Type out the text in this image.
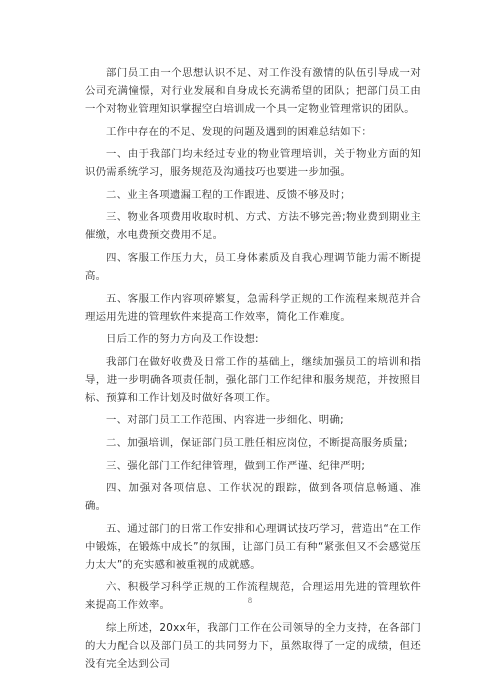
部门员工由一个思想认识不足、对工作没有激情的队伍引导成一对公司充满憧憬，对行业发展和自身成长充满希望的团队；把部门员工由一个对物业管理知识掌握空白培训成一个具一定物业管理常识的团队。

工作中存在的不足、发现的问题及遇到的困难总结如下：

一、由于我部门均未经过专业的物业管理培训，关于物业方面的知识仍需系统学习，服务规范及沟通技巧也要进一步加强。

二、业主各项遗漏工程的工作跟进、反馈不够及时；

三、物业各项费用收取时机、方式、方法不够完善;物业费到期业主催缴，水电费预交费用不足。

四、客服工作压力大，员工身体素质及自我心理调节能力需不断提高。

五、客服工作内容项碎繁复，急需科学正规的工作流程来规范并合理运用先进的管理软件来提高工作效率，简化工作难度。

日后工作的努力方向及工作设想:

我部门在做好收费及日常工作的基础上，继续加强员工的培训和指导，进一步明确各项责任制，强化部门工作纪律和服务规范，并按照目标、预算和工作计划及时做好各项工作。

一、对部门员工工作范围、内容进一步细化、明确;

二、加强培训，保证部门员工胜任相应岗位，不断提高服务质量;

三、强化部门工作纪律管理，做到工作严谨、纪律严明;

四、加强对各项信息、工作状况的跟踪，做到各项信息畅通、准确。

五、通过部门的日常工作安排和心理调试技巧学习，营造出“在工作中锻炼，在锻炼中成长”的氛围，让部门员工有种“紧张但又不会感觉压力太大”的充实感和被重视的成就感。

六、积极学习科学正规的工作流程规范，合理运用先进的管理软件来提高工作效率。

综上所述，20xx年，我部门工作在公司领导的全力支持，在各部门的大力配合以及部门员工的共同努力下，虽然取得了一定的成绩，但还没有完全达到公司

8
